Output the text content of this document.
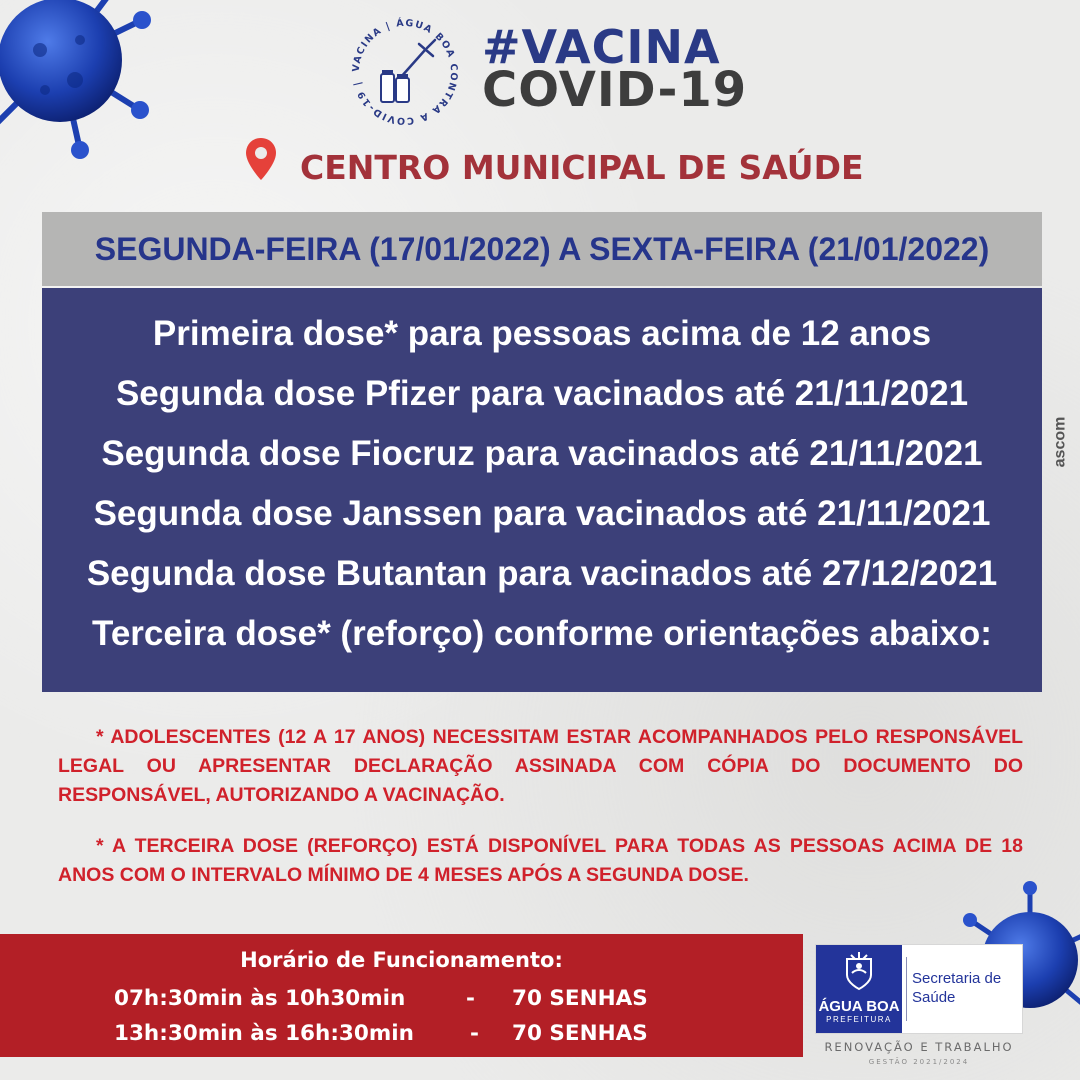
VACINA | ÁGUA BOA CONTRA A COVID-19 |
#VACINA
COVID-19
CENTRO MUNICIPAL DE SAÚDE
SEGUNDA-FEIRA (17/01/2022) A SEXTA-FEIRA (21/01/2022)
Primeira dose* para pessoas acima de 12 anos
Segunda dose Pfizer para vacinados até 21/11/2021
Segunda dose Fiocruz para vacinados até 21/11/2021
Segunda dose Janssen para vacinados até 21/11/2021
Segunda dose Butantan para vacinados até 27/12/2021
Terceira dose* (reforço) conforme orientações abaixo:
ascom
* ADOLESCENTES (12 A 17 ANOS) NECESSITAM ESTAR ACOMPANHADOS PELO RESPONSÁVEL LEGAL OU APRESENTAR DECLARAÇÃO ASSINADA COM CÓPIA DO DOCUMENTO DO RESPONSÁVEL, AUTORIZANDO A VACINAÇÃO.
* A TERCEIRA DOSE (REFORÇO) ESTÁ DISPONÍVEL PARA TODAS AS PESSOAS ACIMA DE 18 ANOS COM O INTERVALO MÍNIMO DE 4 MESES APÓS A SEGUNDA DOSE.
Horário de Funcionamento:
07h:30min às 10h30min	- 70 SENHAS
13h:30min às 16h:30min	- 70 SENHAS
ÁGUA BOA
PREFEITURA
Secretaria de Saúde
RENOVAÇÃO E TRABALHO
GESTÃO 2021/2024
